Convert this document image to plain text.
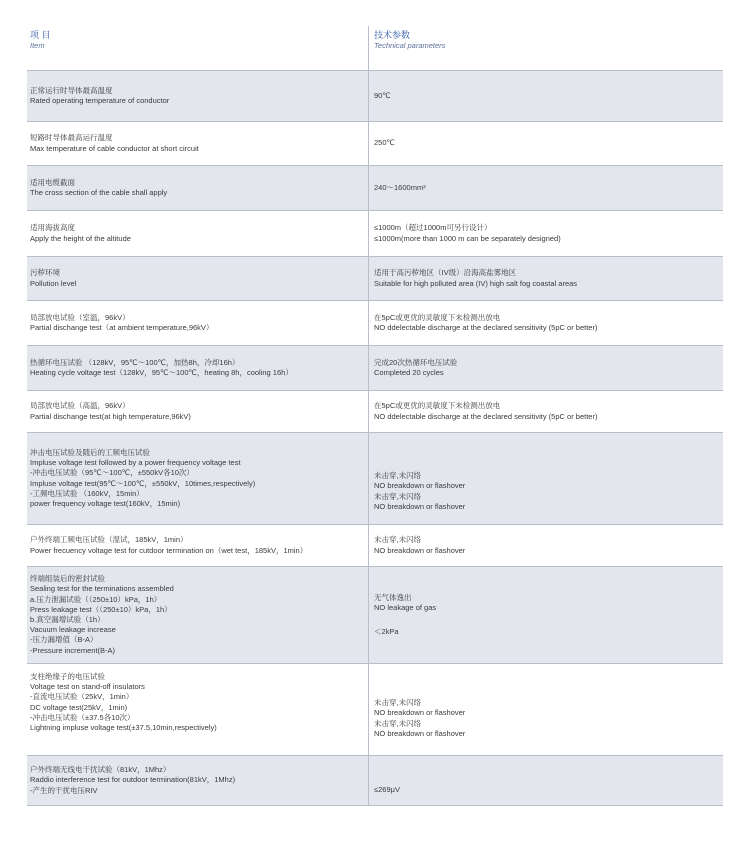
项 目
Item
技术参数
Technical parameters
正常运行时导体最高温度
Rated operating temperature of conductor
90℃
短路时导体最高运行温度
Max temperature of cable conductor at short circuit
250℃
适用电缆截面
The cross section of the cable shall apply
240～1600mm²
适用海拔高度
Apply the height of the altitude
≤1000m（超过1000m可另行设计）
≤1000m(more than 1000 m can be separately designed)
污秽环境
Pollution level
适用于高污秽地区（IV级）沿海高盐雾地区
Suitable for high polluted area (IV) high salt fog coastal areas
局部放电试验（室温，96kV）
Partial dischange test（at ambient temperature,96kV）
在5pC或更优的灵敏度下未检测出放电
NO ddelectable discharge at the declared sensitivity (5pC or better)
热循环电压试验 （128kV，95℃～100℃，加热8h，冷却16h）
Heating cycle voltage test（128kV，95℃～100℃，heating 8h，cooling 16h）
完成20次热循环电压试验
Completed 20 cycles
局部放电试验（高温，96kV）
Partial dischange test(at high temperature,96kV)
在5pC或更优的灵敏度下未检测出放电
NO ddelectable discharge at the declared sensitivity (5pC or better)
冲击电压试验及随后的工频电压试验
Impluse voltage test followed by a power frequency voltage test
-冲击电压试验（95℃～100℃，±550kV各10次）
Impluse voltage test(95℃～100℃，±550kV，10times,respectively)
-工频电压试验 （160kV，15min）
power frequency voltage test(160kV，15min)
未击穿,未闪络
NO breakdown or flashover
未击穿,未闪络
NO breakdown or flashover
户外终端工频电压试验（湿试，185kV，1min）
Power frecuency voltage test for cutdoor termination on（wet test，185kV，1min）
未击穿,未闪络
NO breakdown or flashover
终端组装后的密封试验
Sealing test for the terminations assembled
a.压力泄漏试验（（250±10）kPa，1h）
Press leakage test（（250±10）kPa，1h）
b.真空漏增试验（1h）
Vacuum leakage increase
-压力漏增值（B-A）
-Pressure increment(B-A)
无气体逸出
NO leakage of gas
＜2kPa
支柱绝缘子的电压试验
Voltage test on stand-off insulators
-直流电压试验（25kV，1min）
DC voltage test(25kV，1min)
-冲击电压试验（±37.5各10次）
Lightning impluse voltage test(±37.5,10min,respectively)
未击穿,未闪络
NO breakdown or flashover
未击穿,未闪络
NO breakdown or flashover
户外终端无线电干扰试验（81kV，1Mhz）
Raddio interference test for outdoor termination(81kV，1Mhz)
-产生的干扰电压RIV	≤269μV
